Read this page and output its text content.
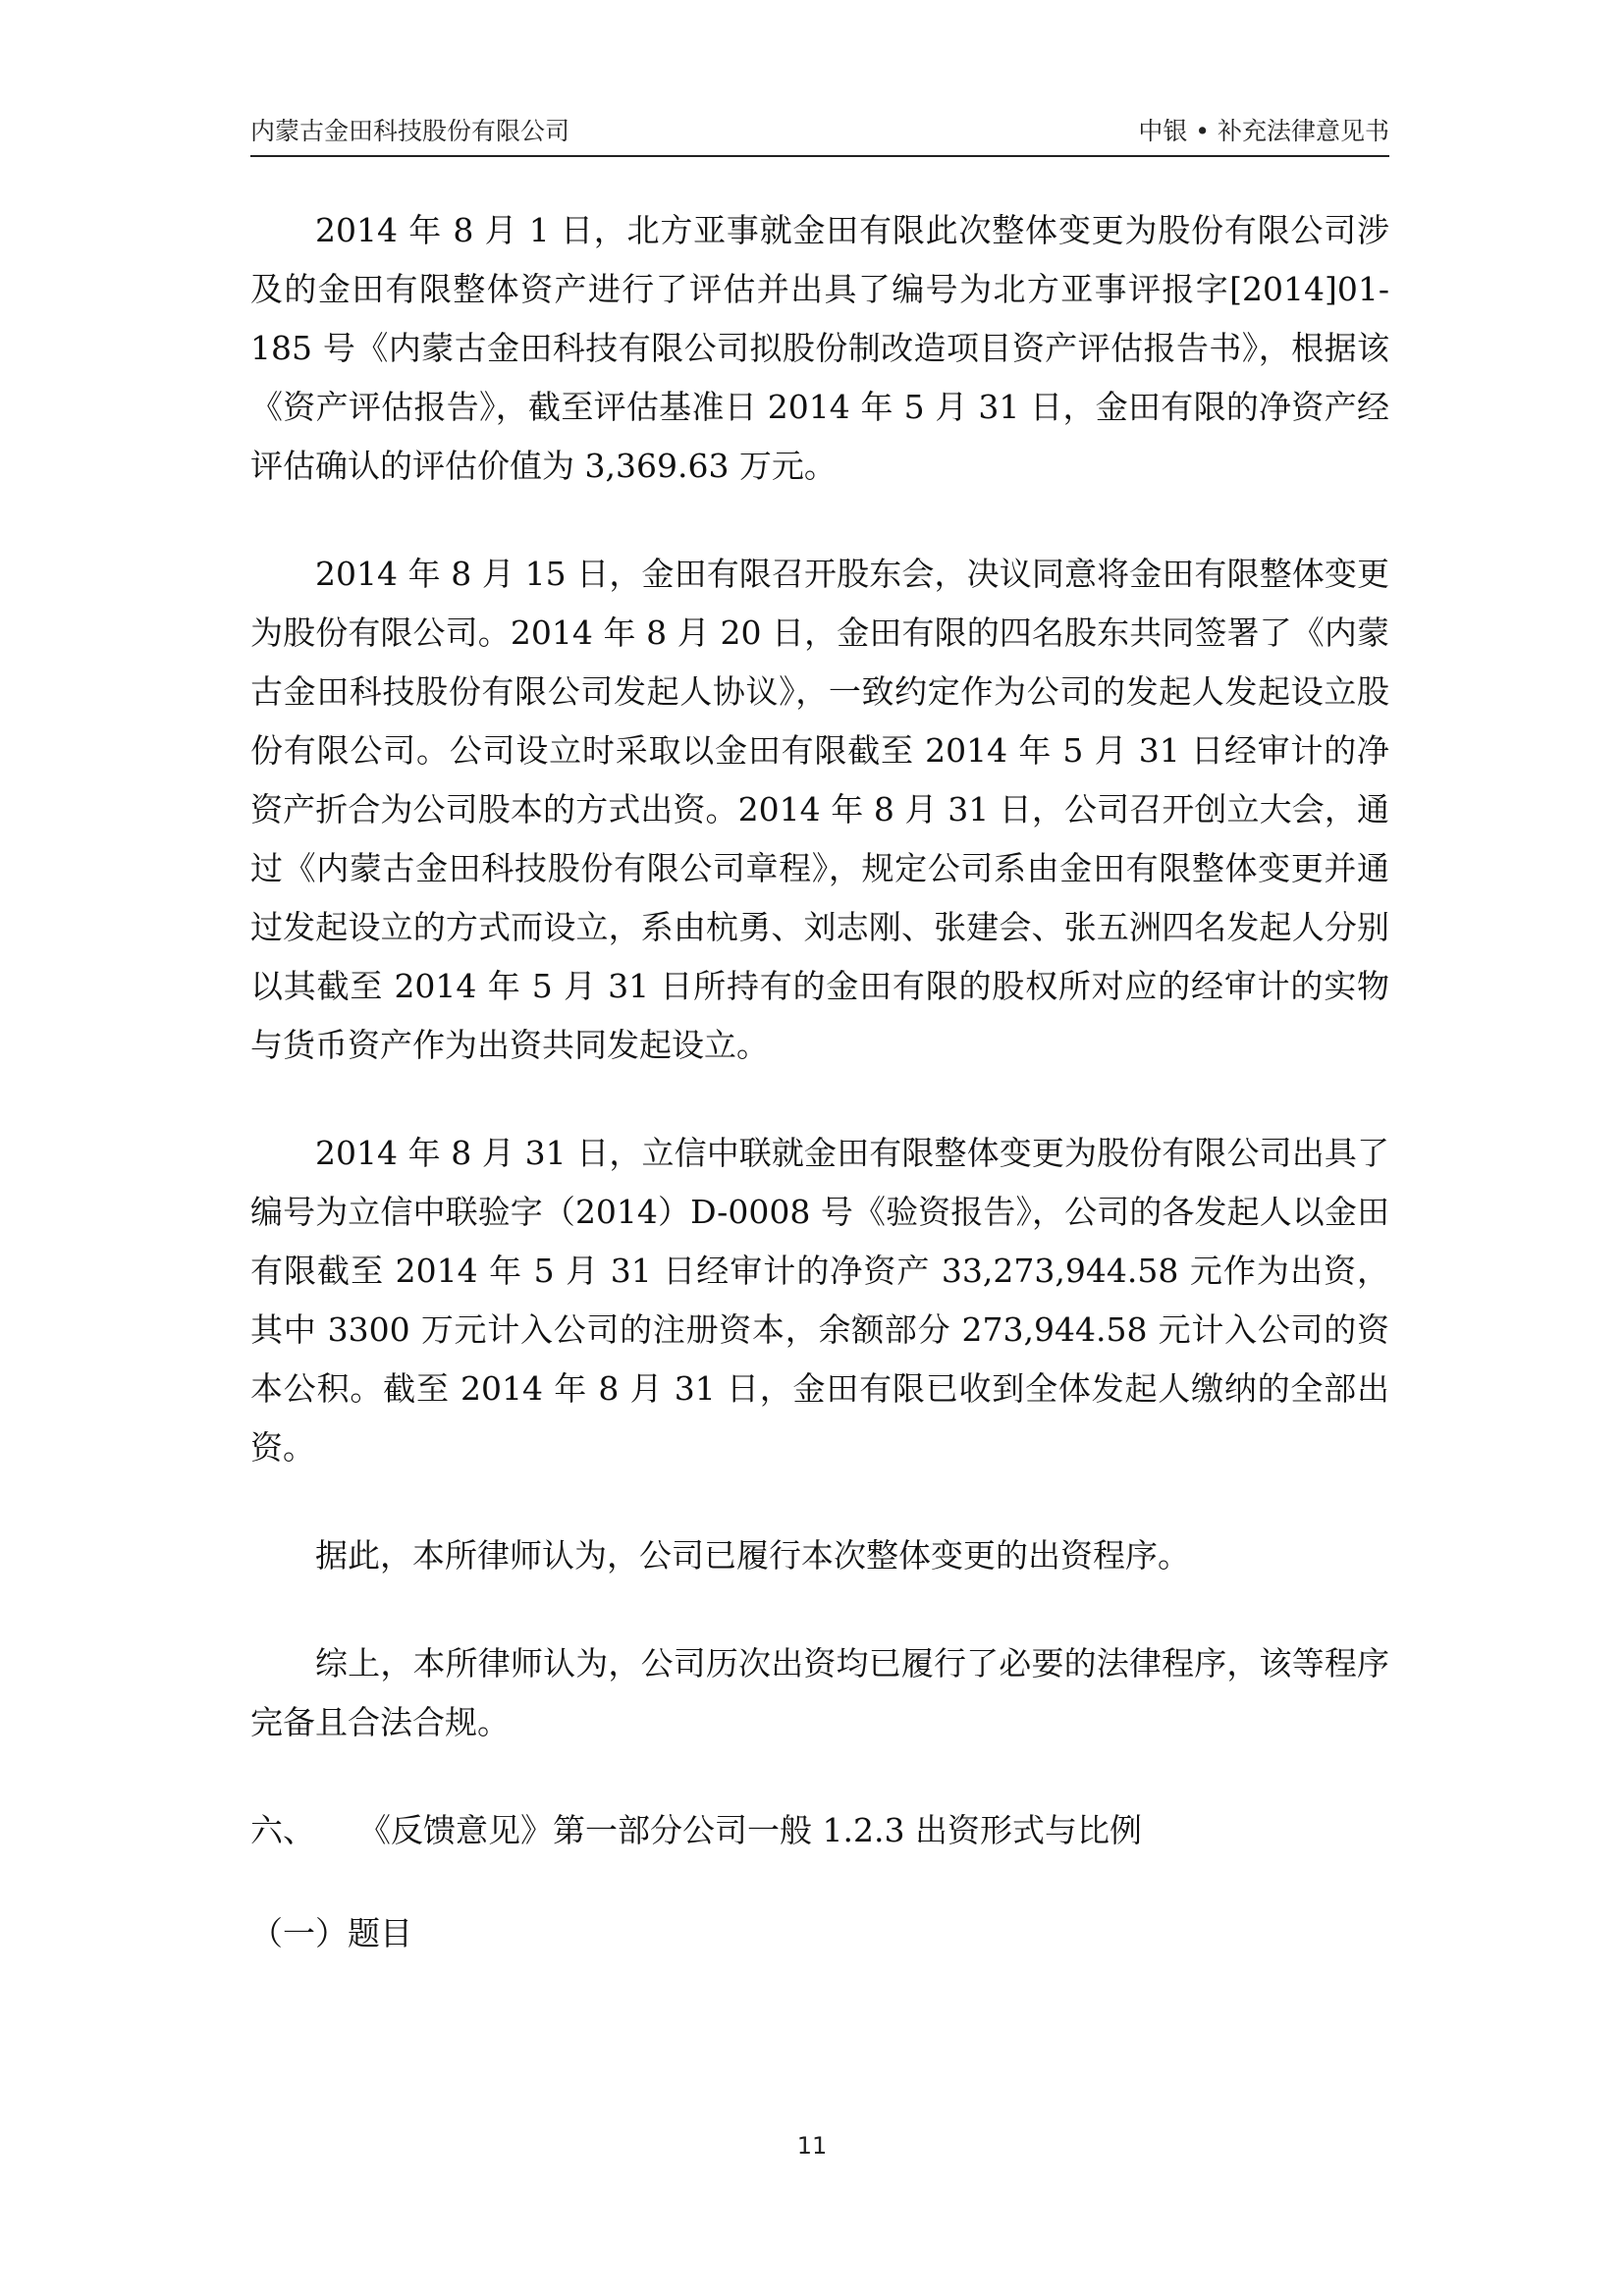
内蒙古金田科技股份有限公司	中银 • 补充法律意见书

2014 年 8 月 1 日，北方亚事就金田有限此次整体变更为股份有限公司涉及的金田有限整体资产进行了评估并出具了编号为北方亚事评报字[2014]01-185 号《内蒙古金田科技有限公司拟股份制改造项目资产评估报告书》，根据该《资产评估报告》，截至评估基准日 2014 年 5 月 31 日，金田有限的净资产经评估确认的评估价值为 3,369.63 万元。

2014 年 8 月 15 日，金田有限召开股东会，决议同意将金田有限整体变更为股份有限公司。2014 年 8 月 20 日，金田有限的四名股东共同签署了《内蒙古金田科技股份有限公司发起人协议》，一致约定作为公司的发起人发起设立股份有限公司。公司设立时采取以金田有限截至 2014 年 5 月 31 日经审计的净资产折合为公司股本的方式出资。2014 年 8 月 31 日，公司召开创立大会，通过《内蒙古金田科技股份有限公司章程》，规定公司系由金田有限整体变更并通过发起设立的方式而设立，系由杭勇、刘志刚、张建会、张五洲四名发起人分别以其截至 2014 年 5 月 31 日所持有的金田有限的股权所对应的经审计的实物与货币资产作为出资共同发起设立。

2014 年 8 月 31 日，立信中联就金田有限整体变更为股份有限公司出具了编号为立信中联验字（2014）D-0008 号《验资报告》，公司的各发起人以金田有限截至 2014 年 5 月 31 日经审计的净资产 33,273,944.58 元作为出资，其中 3300 万元计入公司的注册资本，余额部分 273,944.58 元计入公司的资本公积。截至 2014 年 8 月 31 日，金田有限已收到全体发起人缴纳的全部出资。

据此，本所律师认为，公司已履行本次整体变更的出资程序。

综上，本所律师认为，公司历次出资均已履行了必要的法律程序，该等程序完备且合法合规。

六、 《反馈意见》第一部分公司一般 1.2.3 出资形式与比例
（一）题目
11
